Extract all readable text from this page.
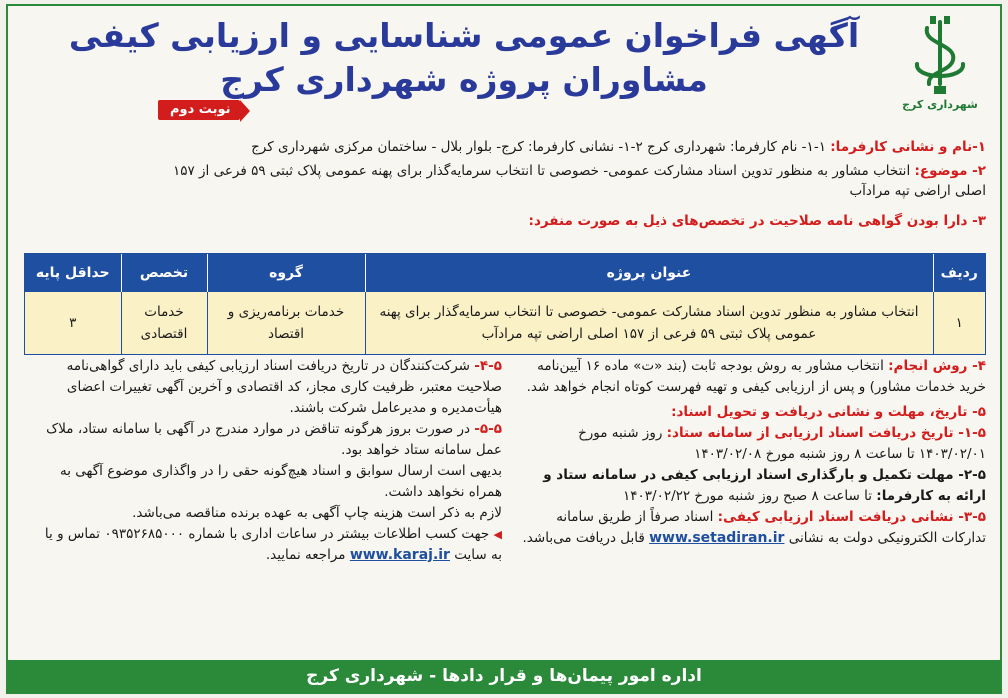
شهرداری کرج
آگهی فراخوان عمومی شناسایی و ارزیابی کیفی
مشاوران پروژه شهرداری کرج
نوبت دوم
۱-نام و نشانی کارفرما: ۱-۱- نام کارفرما: شهرداری کرج ۲-۱- نشانی کارفرما: کرج- بلوار بلال - ساختمان مرکزی شهرداری کرج
۲- موضوع: انتخاب مشاور به منظور تدوین اسناد مشارکت عمومی- خصوصی تا انتخاب سرمایه‌گذار برای پهنه عمومی پلاک ثبتی ۵۹ فرعی از ۱۵۷
اصلی اراضی تپه مرادآب
۳- دارا بودن گواهی نامه صلاحیت در تخصص‌های ذیل به صورت منفرد:
ردیف	عنوان پروژه	گروه	تخصص	حداقل پایه
۱	انتخاب مشاور به منظور تدوین اسناد مشارکت عمومی- خصوصی تا انتخاب سرمایه‌گذار برای پهنه عمومی پلاک ثبتی ۵۹ فرعی از ۱۵۷ اصلی اراضی تپه مرادآب	خدمات برنامه‌ریزی و اقتصاد	خدمات اقتصادی	۳

۴- روش انجام: انتخاب مشاور به روش بودجه ثابت (بند «ت» ماده ۱۶ آیین‌نامه خرید خدمات مشاور) و پس از ارزیابی کیفی و تهیه فهرست کوتاه انجام خواهد شد.

۵- تاریخ، مهلت و نشانی دریافت و تحویل اسناد:

۱-۵- تاریخ دریافت اسناد ارزیابی از سامانه ستاد: روز شنبه مورخ ۱۴۰۳/۰۲/۰۱ تا ساعت ۸ روز شنبه مورخ ۱۴۰۳/۰۲/۰۸

۲-۵- مهلت تکمیل و بارگذاری اسناد ارزیابی کیفی در سامانه ستاد و ارائه به کارفرما: تا ساعت ۸ صبح روز شنبه مورخ ۱۴۰۳/۰۲/۲۲

۳-۵- نشانی دریافت اسناد ارزیابی کیفی: اسناد صرفاً از طریق سامانه تدارکات الکترونیکی دولت به نشانی www.setadiran.ir قابل دریافت می‌باشد.

۴-۵- شرکت‌کنندگان در تاریخ دریافت اسناد ارزیابی کیفی باید دارای گواهی‌نامه صلاحیت معتبر، ظرفیت کاری مجاز، کد اقتصادی و آخرین آگهی تغییرات اعضای هیأت‌مدیره و مدیرعامل شرکت باشند.

۵-۵- در صورت بروز هرگونه تناقض در موارد مندرج در آگهی با سامانه ستاد، ملاک عمل سامانه ستاد خواهد بود.

بدیهی است ارسال سوابق و اسناد هیچ‌گونه حقی را در واگذاری موضوع آگهی به همراه نخواهد داشت.

لازم به ذکر است هزینه چاپ آگهی به عهده برنده مناقصه می‌باشد.

◀ جهت کسب اطلاعات بیشتر در ساعات اداری با شماره ۰۹۳۵۲۶۸۵۰۰۰ تماس و یا به سایت www.karaj.ir مراجعه نمایید.

اداره امور پیمان‌ها و قرار دادها - شهرداری کرج
